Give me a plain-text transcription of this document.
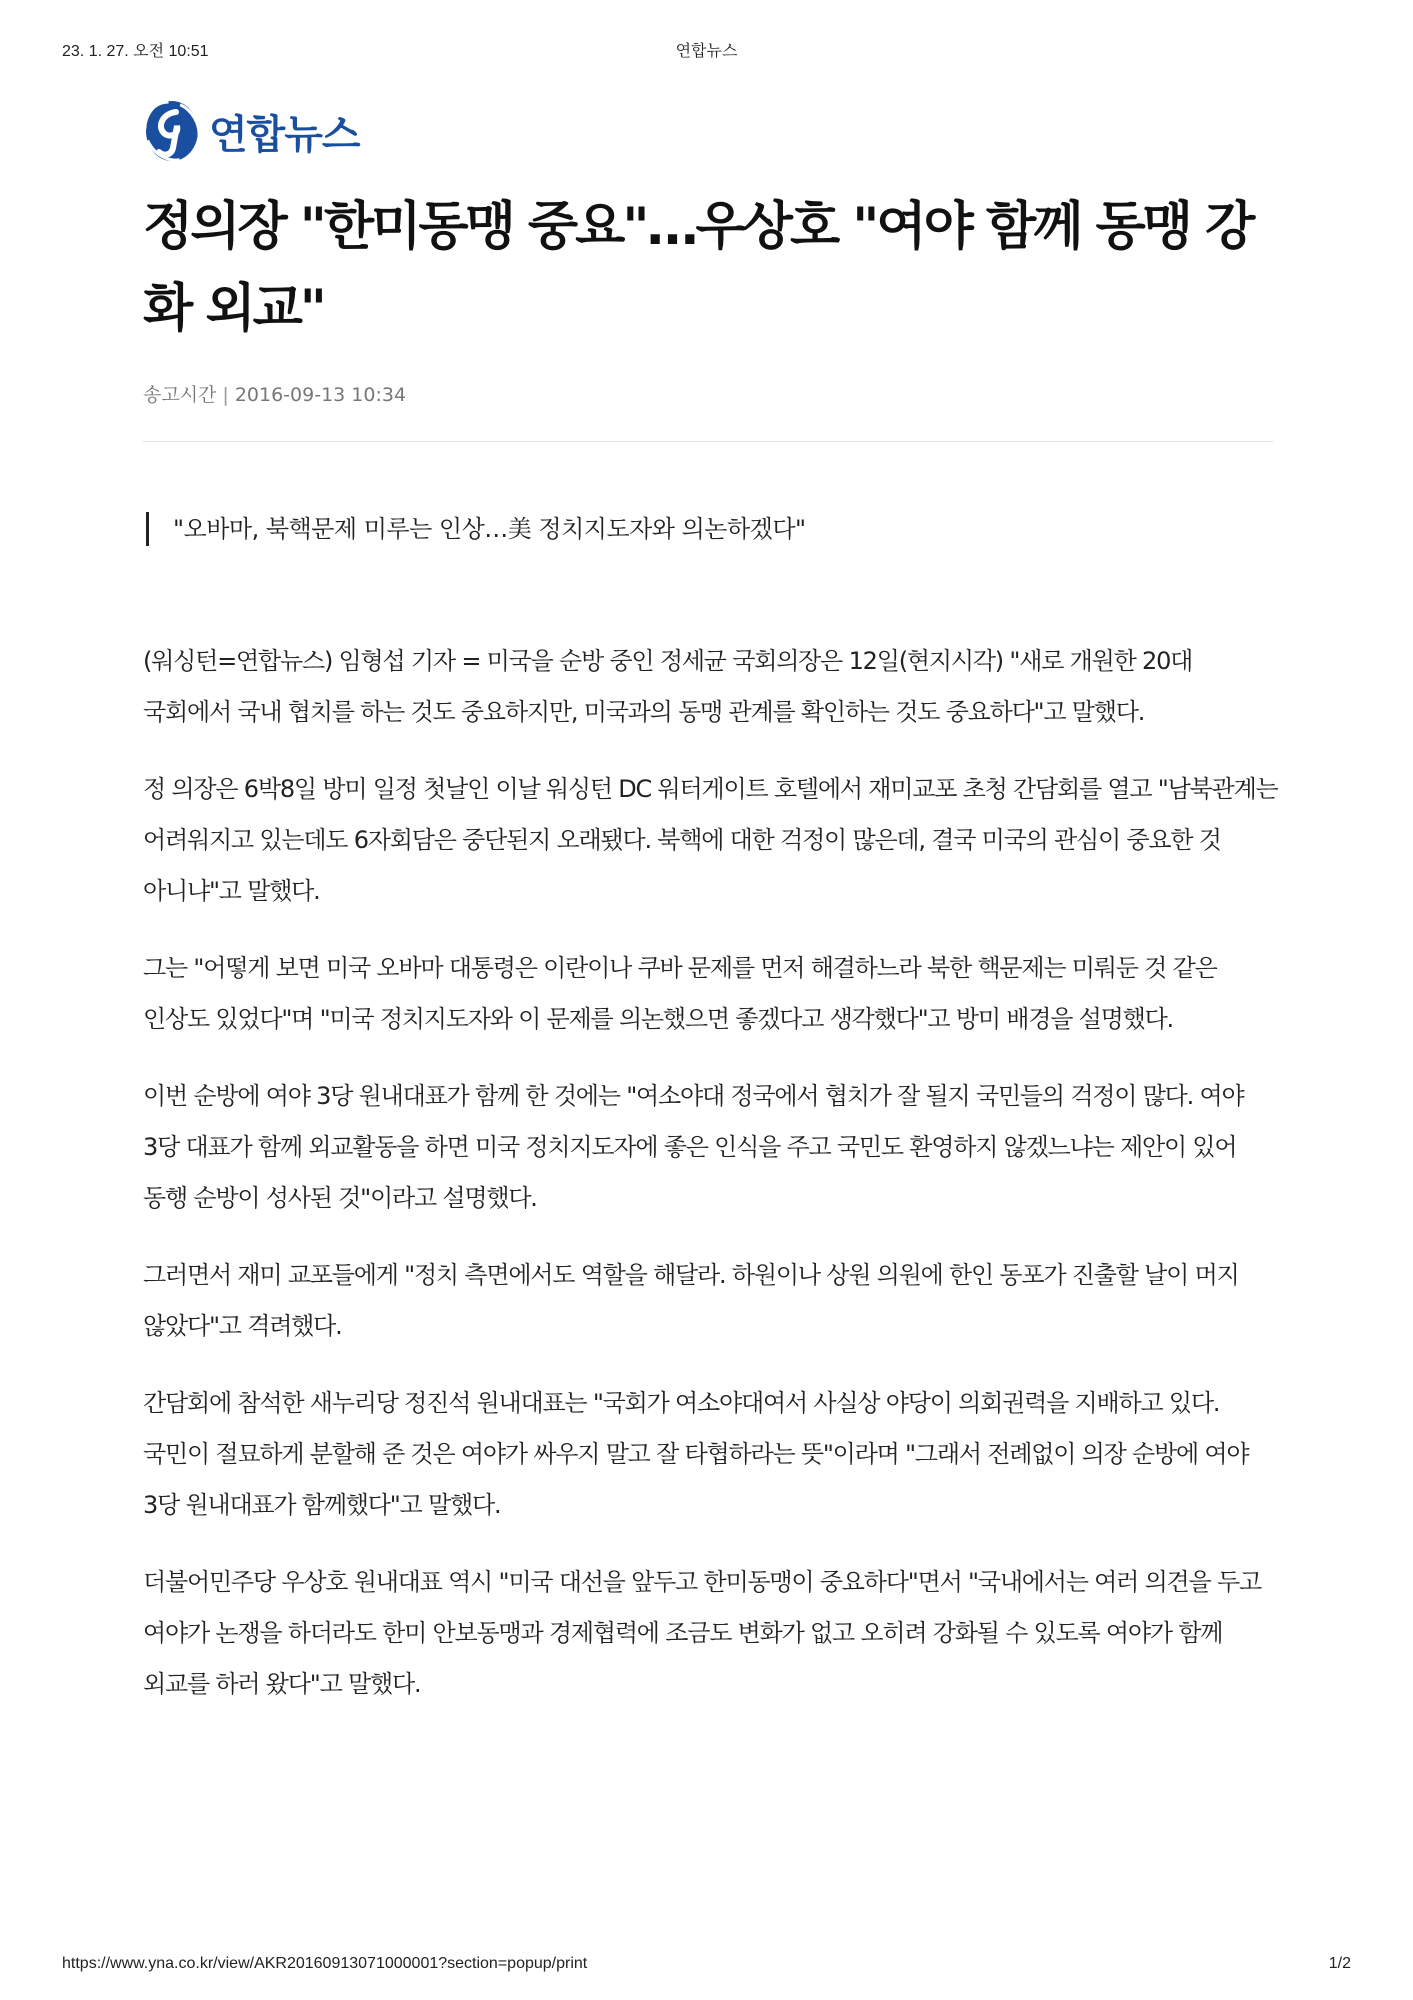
23. 1. 27. 오전 10:51	연합뉴스
연합뉴스
정의장 "한미동맹 중요"…우상호 "여야 함께 동맹 강화 외교"
송고시간 | 2016-09-13 10:34
"오바마, 북핵문제 미루는 인상…美 정치지도자와 의논하겠다"

(워싱턴=연합뉴스) 임형섭 기자 = 미국을 순방 중인 정세균 국회의장은 12일(현지시각) "새로 개원한 20대 국회에서 국내 협치를 하는 것도 중요하지만, 미국과의 동맹 관계를 확인하는 것도 중요하다"고 말했다.

정 의장은 6박8일 방미 일정 첫날인 이날 워싱턴 DC 워터게이트 호텔에서 재미교포 초청 간담회를 열고 "남북관계는 어려워지고 있는데도 6자회담은 중단된지 오래됐다. 북핵에 대한 걱정이 많은데, 결국 미국의 관심이 중요한 것 아니냐"고 말했다.

그는 "어떻게 보면 미국 오바마 대통령은 이란이나 쿠바 문제를 먼저 해결하느라 북한 핵문제는 미뤄둔 것 같은 인상도 있었다"며 "미국 정치지도자와 이 문제를 의논했으면 좋겠다고 생각했다"고 방미 배경을 설명했다.

이번 순방에 여야 3당 원내대표가 함께 한 것에는 "여소야대 정국에서 협치가 잘 될지 국민들의 걱정이 많다. 여야 3당 대표가 함께 외교활동을 하면 미국 정치지도자에 좋은 인식을 주고 국민도 환영하지 않겠느냐는 제안이 있어 동행 순방이 성사된 것"이라고 설명했다.

그러면서 재미 교포들에게 "정치 측면에서도 역할을 해달라. 하원이나 상원 의원에 한인 동포가 진출할 날이 머지 않았다"고 격려했다.

간담회에 참석한 새누리당 정진석 원내대표는 "국회가 여소야대여서 사실상 야당이 의회권력을 지배하고 있다. 국민이 절묘하게 분할해 준 것은 여야가 싸우지 말고 잘 타협하라는 뜻"이라며 "그래서 전례없이 의장 순방에 여야 3당 원내대표가 함께했다"고 말했다.

더불어민주당 우상호 원내대표 역시 "미국 대선을 앞두고 한미동맹이 중요하다"면서 "국내에서는 여러 의견을 두고 여야가 논쟁을 하더라도 한미 안보동맹과 경제협력에 조금도 변화가 없고 오히려 강화될 수 있도록 여야가 함께 외교를 하러 왔다"고 말했다.

https://www.yna.co.kr/view/AKR20160913071000001?section=popup/print	1/2
